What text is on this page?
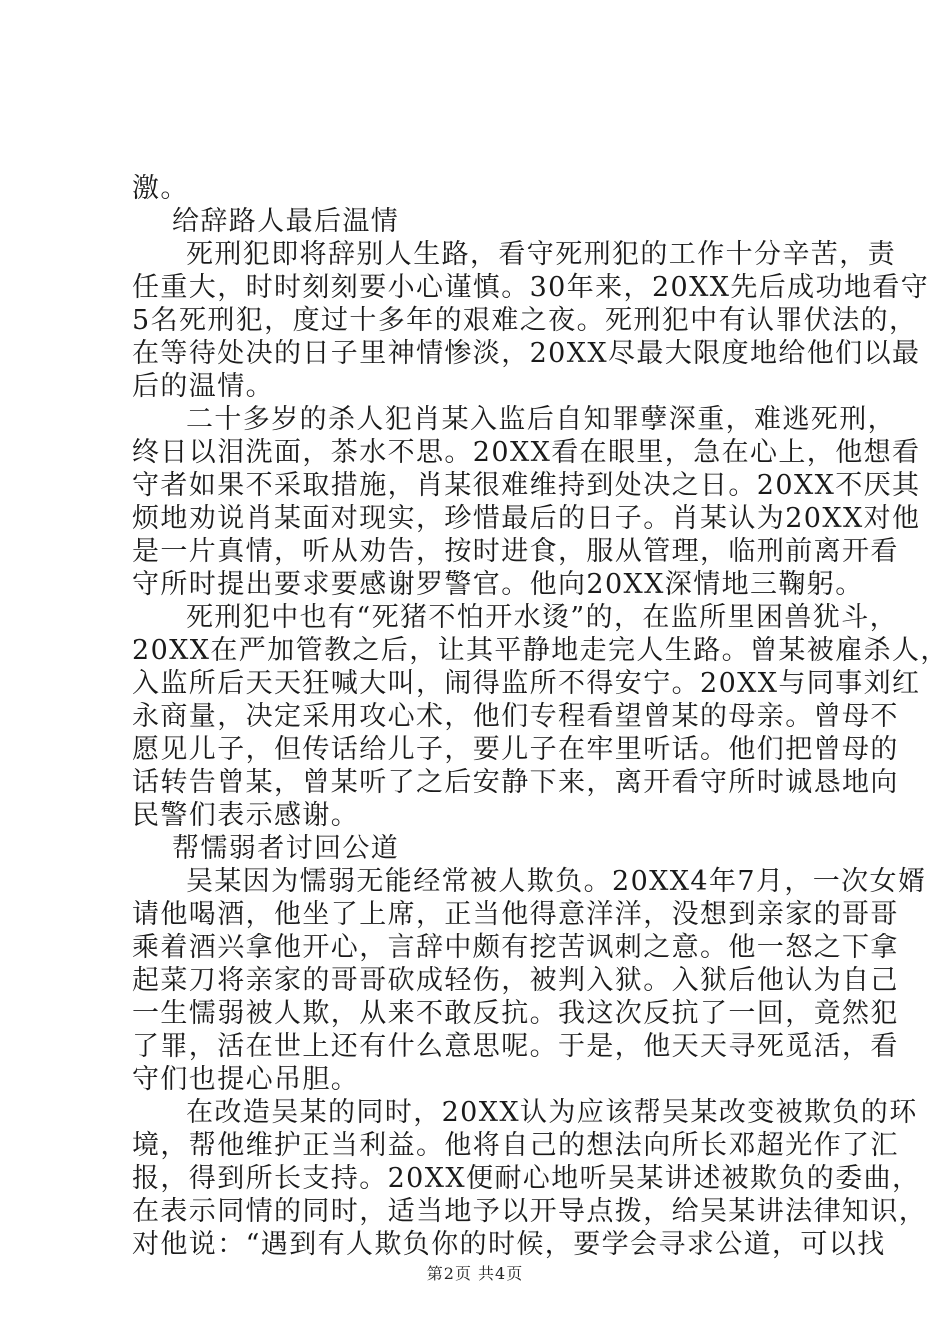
激。
给辞路人最后温情
死刑犯即将辞别人生路，看守死刑犯的工作十分辛苦，责
任重大，时时刻刻要小心谨慎。30年来，20XX先后成功地看守
5名死刑犯，度过十多年的艰难之夜。死刑犯中有认罪伏法的，
在等待处决的日子里神情惨淡，20XX尽最大限度地给他们以最
后的温情。
二十多岁的杀人犯肖某入监后自知罪孽深重，难逃死刑，
终日以泪洗面，茶水不思。20XX看在眼里，急在心上，他想看
守者如果不采取措施，肖某很难维持到处决之日。20XX不厌其
烦地劝说肖某面对现实，珍惜最后的日子。肖某认为20XX对他
是一片真情，听从劝告，按时进食，服从管理，临刑前离开看
守所时提出要求要感谢罗警官。他向20XX深情地三鞠躬。
死刑犯中也有“死猪不怕开水烫”的，在监所里困兽犹斗，
20XX在严加管教之后，让其平静地走完人生路。曾某被雇杀人，
入监所后天天狂喊大叫，闹得监所不得安宁。20XX与同事刘红
永商量，决定采用攻心术，他们专程看望曾某的母亲。曾母不
愿见儿子，但传话给儿子，要儿子在牢里听话。他们把曾母的
话转告曾某，曾某听了之后安静下来，离开看守所时诚恳地向
民警们表示感谢。
帮懦弱者讨回公道
吴某因为懦弱无能经常被人欺负。20XX4年7月，一次女婿
请他喝酒，他坐了上席，正当他得意洋洋，没想到亲家的哥哥
乘着酒兴拿他开心，言辞中颇有挖苦讽刺之意。他一怒之下拿
起菜刀将亲家的哥哥砍成轻伤，被判入狱。入狱后他认为自己
一生懦弱被人欺，从来不敢反抗。我这次反抗了一回，竟然犯
了罪，活在世上还有什么意思呢。于是，他天天寻死觅活，看
守们也提心吊胆。
在改造吴某的同时，20XX认为应该帮吴某改变被欺负的环
境，帮他维护正当利益。他将自己的想法向所长邓超光作了汇
报，得到所长支持。20XX便耐心地听吴某讲述被欺负的委曲，
在表示同情的同时，适当地予以开导点拨，给吴某讲法律知识，
对他说：“遇到有人欺负你的时候，要学会寻求公道，可以找
第2页 共4页
